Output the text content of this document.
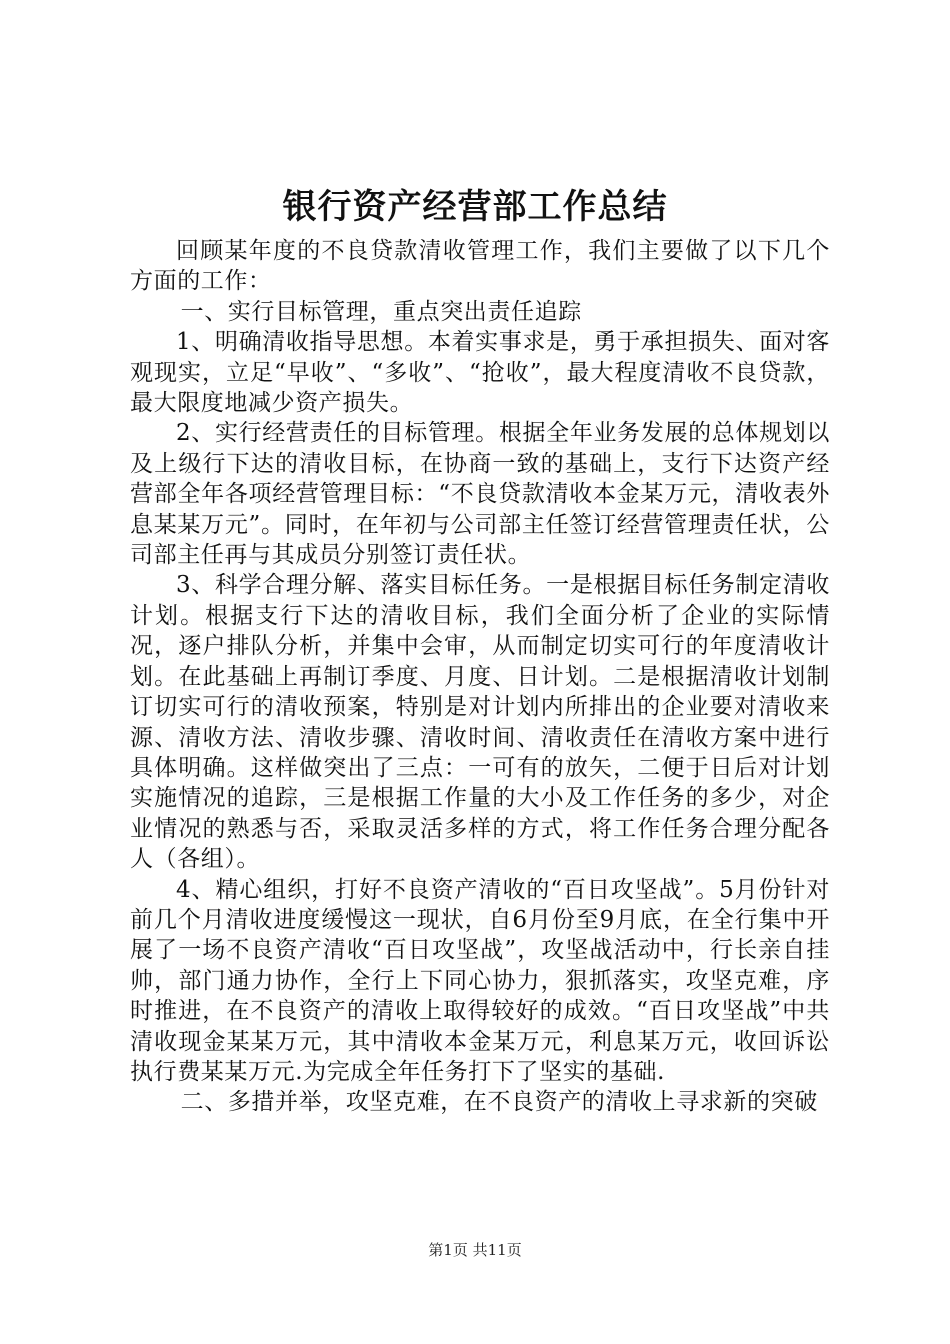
银行资产经营部工作总结

回顾某年度的不良贷款清收管理工作，我们主要做了以下几个方面的工作：

一、实行目标管理，重点突出责任追踪

1、明确清收指导思想。本着实事求是，勇于承担损失、面对客观现实，立足“早收”、“多收”、“抢收”，最大程度清收不良贷款，最大限度地减少资产损失。

2、实行经营责任的目标管理。根据全年业务发展的总体规划以及上级行下达的清收目标，在协商一致的基础上，支行下达资产经营部全年各项经营管理目标：“不良贷款清收本金某万元，清收表外息某某万元”。同时，在年初与公司部主任签订经营管理责任状，公司部主任再与其成员分别签订责任状。

3、科学合理分解、落实目标任务。一是根据目标任务制定清收计划。根据支行下达的清收目标，我们全面分析了企业的实际情况，逐户排队分析，并集中会审，从而制定切实可行的年度清收计划。在此基础上再制订季度、月度、日计划。二是根据清收计划制订切实可行的清收预案，特别是对计划内所排出的企业要对清收来源、清收方法、清收步骤、清收时间、清收责任在清收方案中进行具体明确。这样做突出了三点：一可有的放矢，二便于日后对计划实施情况的追踪，三是根据工作量的大小及工作任务的多少，对企业情况的熟悉与否，采取灵活多样的方式，将工作任务合理分配各人（各组）。

4、精心组织，打好不良资产清收的“百日攻坚战”。5月份针对前几个月清收进度缓慢这一现状，自6月份至9月底，在全行集中开展了一场不良资产清收“百日攻坚战”，攻坚战活动中，行长亲自挂帅，部门通力协作，全行上下同心协力，狠抓落实，攻坚克难，序时推进，在不良资产的清收上取得较好的成效。“百日攻坚战”中共清收现金某某万元，其中清收本金某万元，利息某万元，收回诉讼执行费某某万元.为完成全年任务打下了坚实的基础.

二、多措并举，攻坚克难，在不良资产的清收上寻求新的突破

第1页 共11页
